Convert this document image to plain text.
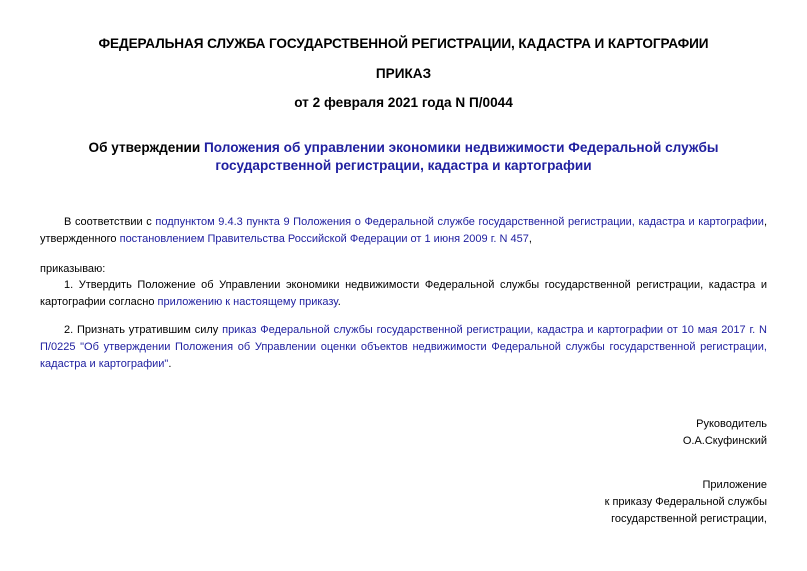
ФЕДЕРАЛЬНАЯ СЛУЖБА ГОСУДАРСТВЕННОЙ РЕГИСТРАЦИИ, КАДАСТРА И КАРТОГРАФИИ
ПРИКАЗ
от 2 февраля 2021 года N П/0044
Об утверждении Положения об управлении экономики недвижимости Федеральной службы государственной регистрации, кадастра и картографии
В соответствии с подпунктом 9.4.3 пункта 9 Положения о Федеральной службе государственной регистрации, кадастра и картографии, утвержденного постановлением Правительства Российской Федерации от 1 июня 2009 г. N 457,
приказываю:
1. Утвердить Положение об Управлении экономики недвижимости Федеральной службы государственной регистрации, кадастра и картографии согласно приложению к настоящему приказу.
2. Признать утратившим силу приказ Федеральной службы государственной регистрации, кадастра и картографии от 10 мая 2017 г. N П/0225 "Об утверждении Положения об Управлении оценки объектов недвижимости Федеральной службы государственной регистрации, кадастра и картографии".
Руководитель
О.А.Скуфинский
Приложение
к приказу Федеральной службы
государственной регистрации,
